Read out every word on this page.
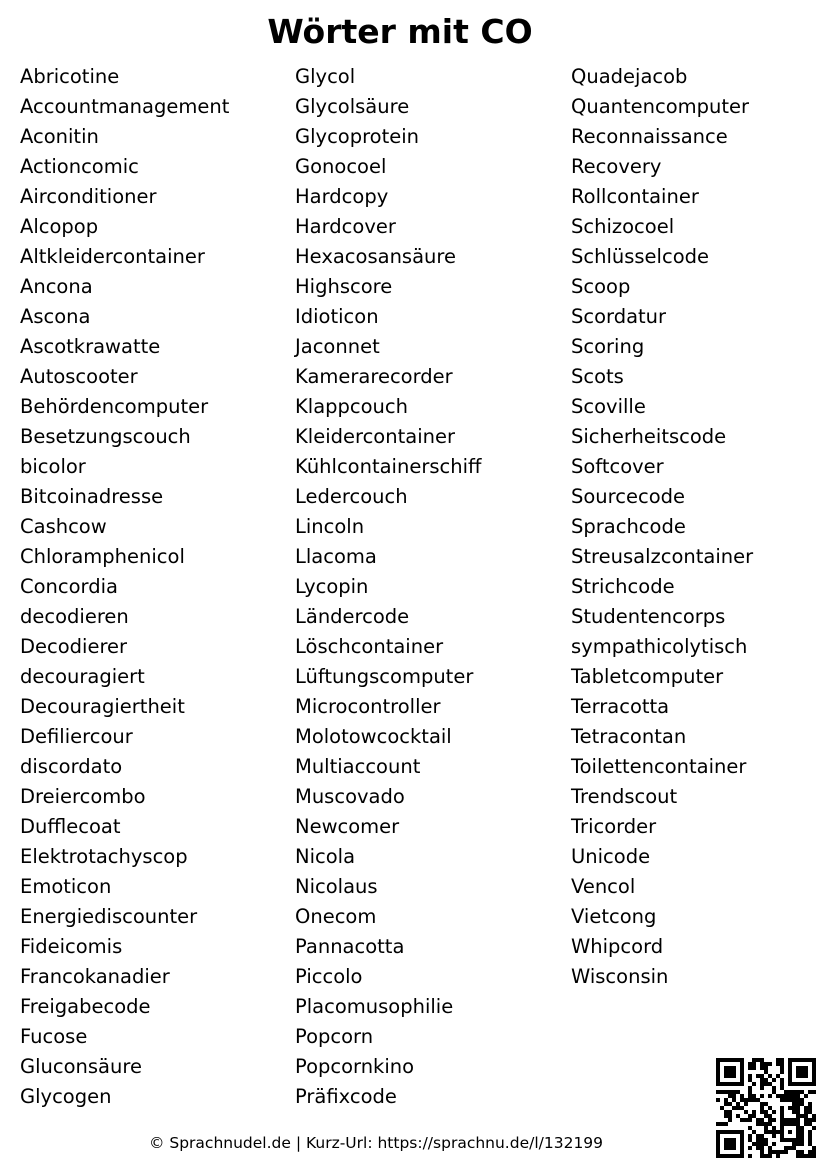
Wörter mit CO
Abricotine
Accountmanagement
Aconitin
Actioncomic
Airconditioner
Alcopop
Altkleidercontainer
Ancona
Ascona
Ascotkrawatte
Autoscooter
Behördencomputer
Besetzungscouch
bicolor
Bitcoinadresse
Cashcow
Chloramphenicol
Concordia
decodieren
Decodierer
decouragiert
Decouragiertheit
Defiliercour
discordato
Dreiercombo
Dufflecoat
Elektrotachyscop
Emoticon
Energiediscounter
Fideicomis
Francokanadier
Freigabecode
Fucose
Gluconsäure
Glycogen
Glycol
Glycolsäure
Glycoprotein
Gonocoel
Hardcopy
Hardcover
Hexacosansäure
Highscore
Idioticon
Jaconnet
Kamerarecorder
Klappcouch
Kleidercontainer
Kühlcontainerschiff
Ledercouch
Lincoln
Llacoma
Lycopin
Ländercode
Löschcontainer
Lüftungscomputer
Microcontroller
Molotowcocktail
Multiaccount
Muscovado
Newcomer
Nicola
Nicolaus
Onecom
Pannacotta
Piccolo
Placomusophilie
Popcorn
Popcornkino
Präfixcode
Quadejacob
Quantencomputer
Reconnaissance
Recovery
Rollcontainer
Schizocoel
Schlüsselcode
Scoop
Scordatur
Scoring
Scots
Scoville
Sicherheitscode
Softcover
Sourcecode
Sprachcode
Streusalzcontainer
Strichcode
Studentencorps
sympathicolytisch
Tabletcomputer
Terracotta
Tetracontan
Toilettencontainer
Trendscout
Tricorder
Unicode
Vencol
Vietcong
Whipcord
Wisconsin
© Sprachnudel.de | Kurz-Url: https://sprachnu.de/l/132199
